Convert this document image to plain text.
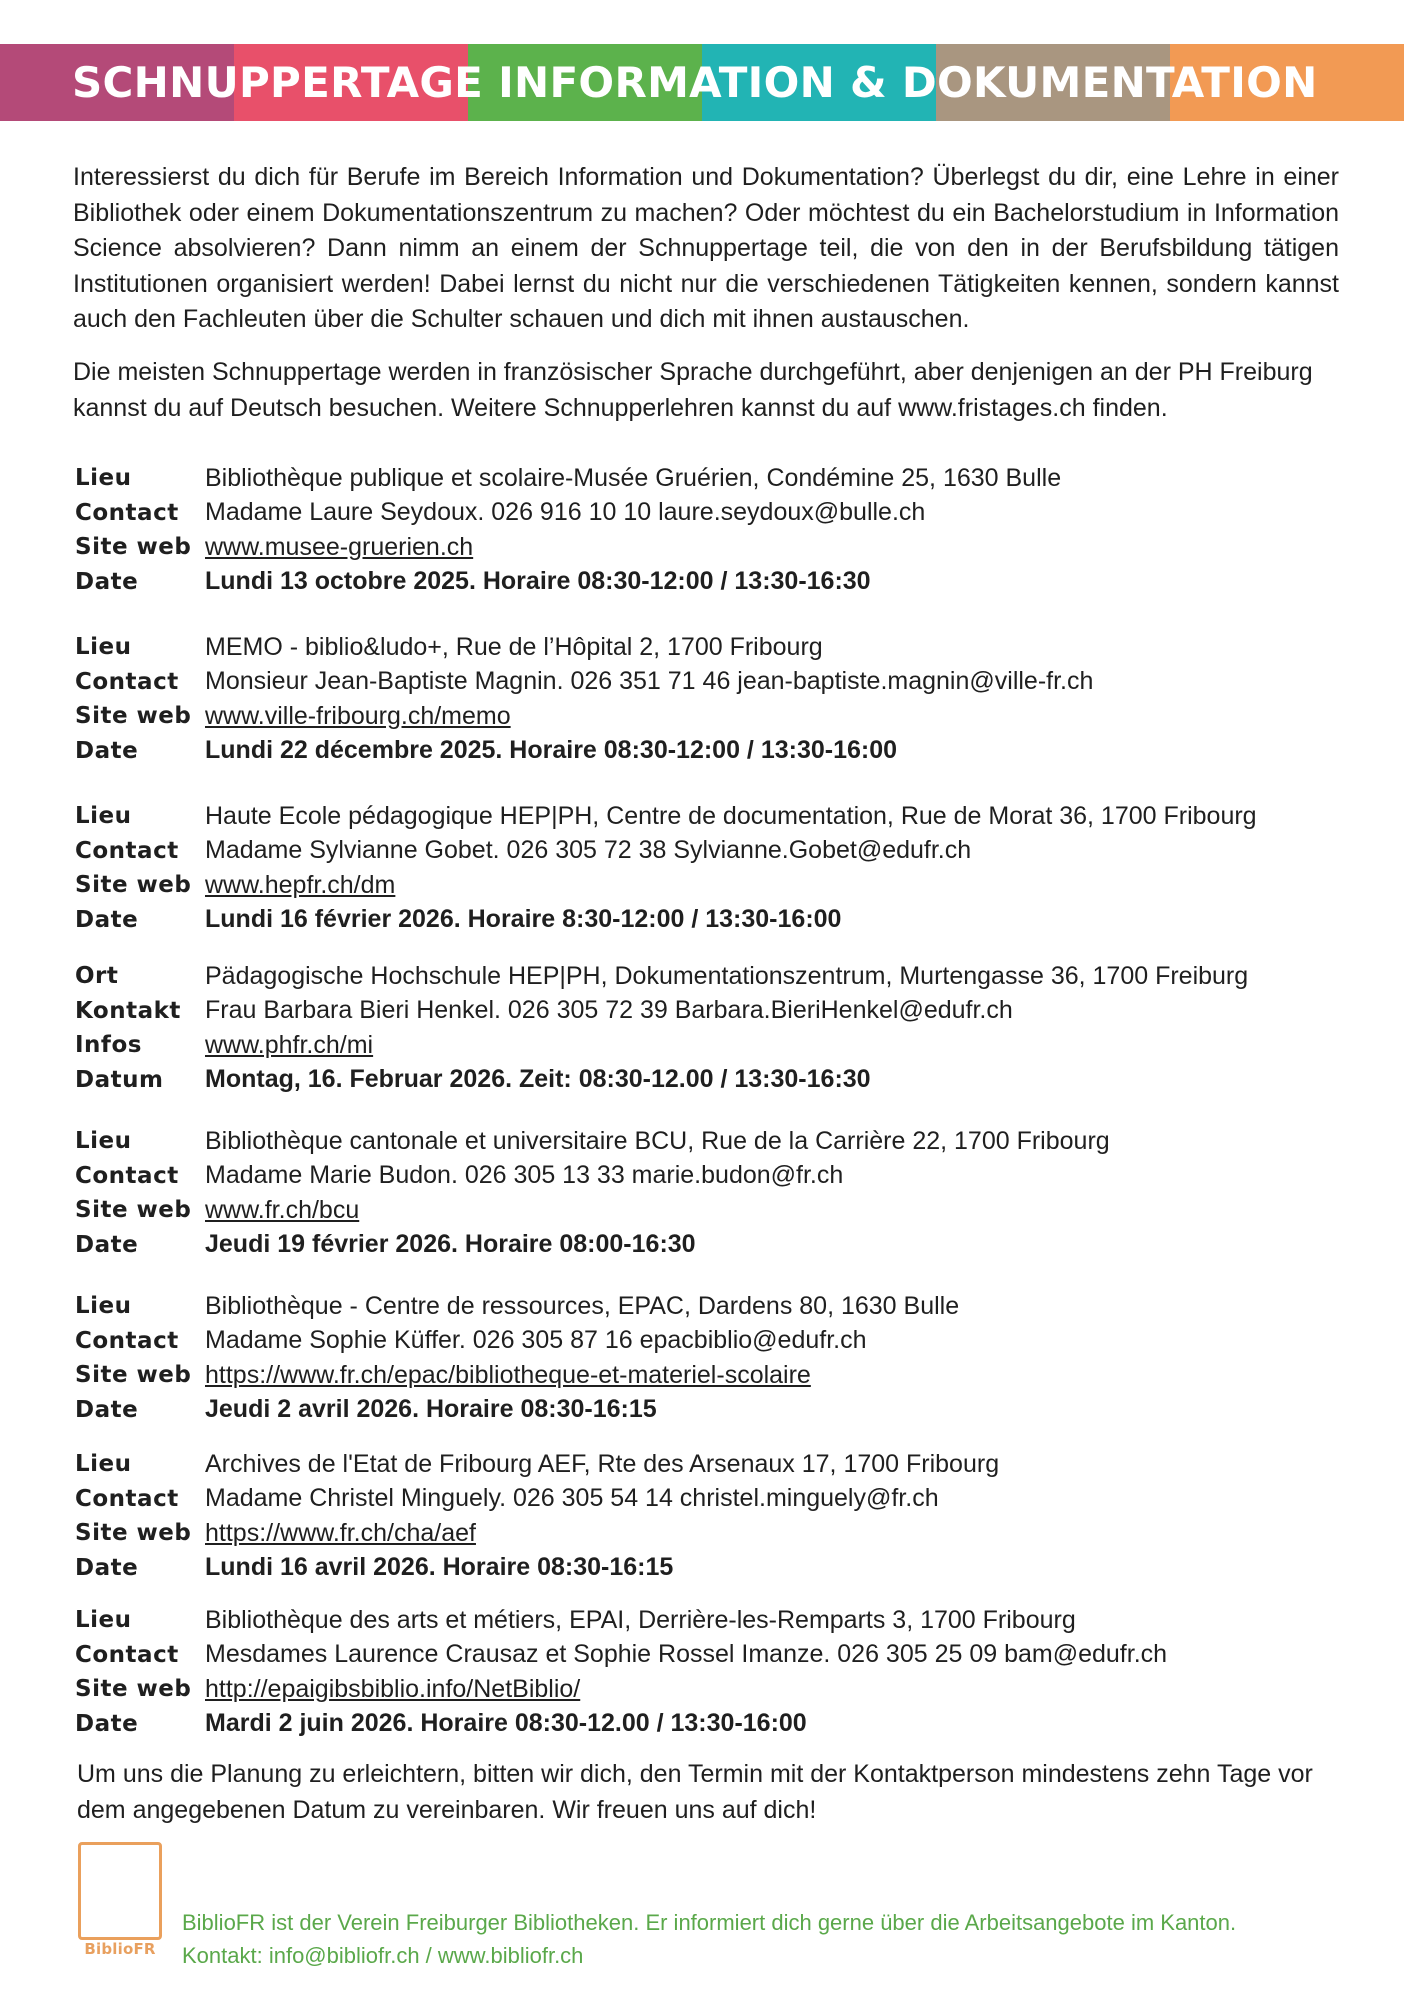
SCHNUPPERTAGE INFORMATION & DOKUMENTATION

Interessierst du dich für Berufe im Bereich Information und Dokumentation? Überlegst du dir, eine Lehre in einer Bibliothek oder einem Dokumentationszentrum zu machen? Oder möchtest du ein Bachelorstudium in Information Science absolvieren? Dann nimm an einem der Schnuppertage teil, die von den in der Berufsbildung tätigen Institutionen organisiert werden! Dabei lernst du nicht nur die verschiedenen Tätigkeiten kennen, sondern kannst auch den Fachleuten über die Schulter schauen und dich mit ihnen austauschen.

Die meisten Schnuppertage werden in französischer Sprache durchgeführt, aber denjenigen an der PH Freiburg kannst du auf Deutsch besuchen. Weitere Schnupperlehren kannst du auf www.fristages.ch finden.

Lieu	Bibliothèque publique et scolaire-Musée Gruérien, Condémine 25, 1630 Bulle
Contact	Madame Laure Seydoux. 026 916 10 10 laure.seydoux@bulle.ch
Site web www.musee-gruerien.ch
Date	Lundi 13 octobre 2025. Horaire 08:30-12:00 / 13:30-16:30
Lieu	MEMO - biblio&ludo+, Rue de l’Hôpital 2, 1700 Fribourg
Contact	Monsieur Jean-Baptiste Magnin. 026 351 71 46 jean-baptiste.magnin@ville-fr.ch
Site web www.ville-fribourg.ch/memo
Date	Lundi 22 décembre 2025. Horaire 08:30-12:00 / 13:30-16:00
Lieu	Haute Ecole pédagogique HEP|PH, Centre de documentation, Rue de Morat 36, 1700 Fribourg
Contact	Madame Sylvianne Gobet. 026 305 72 38 Sylvianne.Gobet@edufr.ch
Site web www.hepfr.ch/dm
Date	Lundi 16 février 2026. Horaire 8:30-12:00 / 13:30-16:00
Ort	Pädagogische Hochschule HEP|PH, Dokumentationszentrum, Murtengasse 36, 1700 Freiburg
Kontakt Frau Barbara Bieri Henkel. 026 305 72 39 Barbara.BieriHenkel@edufr.ch
Infos	www.phfr.ch/mi
Datum	Montag, 16. Februar 2026. Zeit: 08:30-12.00 / 13:30-16:30
Lieu	Bibliothèque cantonale et universitaire BCU, Rue de la Carrière 22, 1700 Fribourg
Contact	Madame Marie Budon. 026 305 13 33 marie.budon@fr.ch
Site web www.fr.ch/bcu
Date	Jeudi 19 février 2026. Horaire 08:00-16:30
Lieu	Bibliothèque - Centre de ressources, EPAC, Dardens 80, 1630 Bulle
Contact	Madame Sophie Küffer. 026 305 87 16 epacbiblio@edufr.ch
Site web https://www.fr.ch/epac/bibliotheque-et-materiel-scolaire
Date	Jeudi 2 avril 2026. Horaire 08:30-16:15
Lieu	Archives de l'Etat de Fribourg AEF, Rte des Arsenaux 17, 1700 Fribourg
Contact	Madame Christel Minguely. 026 305 54 14 christel.minguely@fr.ch
Site web https://www.fr.ch/cha/aef
Date	Lundi 16 avril 2026. Horaire 08:30-16:15
Lieu	Bibliothèque des arts et métiers, EPAI, Derrière-les-Remparts 3, 1700 Fribourg
Contact	Mesdames Laurence Crausaz et Sophie Rossel Imanze. 026 305 25 09 bam@edufr.ch
Site web http://epaigibsbiblio.info/NetBiblio/
Date	Mardi 2 juin 2026. Horaire 08:30-12.00 / 13:30-16:00

Um uns die Planung zu erleichtern, bitten wir dich, den Termin mit der Kontaktperson mindestens zehn Tage vor dem angegebenen Datum zu vereinbaren. Wir freuen uns auf dich!

BiblioFR
BiblioFR ist der Verein Freiburger Bibliotheken. Er informiert dich gerne über die Arbeitsangebote im Kanton.
Kontakt: info@bibliofr.ch / www.bibliofr.ch
